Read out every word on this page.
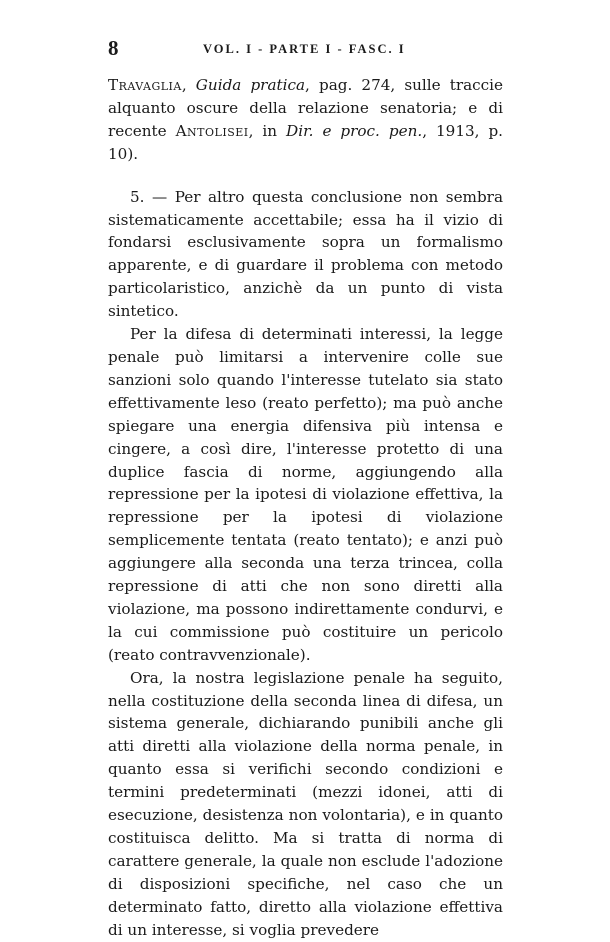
8	VOL. I - PARTE I - FASC. I

Travaglia, Guida pratica, pag. 274, sulle traccie alquanto oscure della relazione senatoria; e di recente Antolisei, in Dir. e proc. pen., 1913, p. 10).

5. — Per altro questa conclusione non sembra sistematicamente accettabile; essa ha il vizio di fondarsi esclusivamente sopra un formalismo apparente, e di guardare il problema con metodo particolaristico, anzichè da un punto di vista sintetico.

Per la difesa di determinati interessi, la legge penale può limitarsi a intervenire colle sue sanzioni solo quando l'interesse tutelato sia stato effettivamente leso (reato perfetto); ma può anche spiegare una energia difensiva più intensa e cingere, a così dire, l'interesse protetto di una duplice fascia di norme, aggiungendo alla repressione per la ipotesi di violazione effettiva, la repressione per la ipotesi di violazione semplicemente tentata (reato tentato); e anzi può aggiungere alla seconda una terza trincea, colla repressione di atti che non sono diretti alla violazione, ma possono indirettamente condurvi, e la cui commissione può costituire un pericolo (reato contravvenzionale).

Ora, la nostra legislazione penale ha seguito, nella costituzione della seconda linea di difesa, un sistema generale, dichiarando punibili anche gli atti diretti alla violazione della norma penale, in quanto essa si verifichi secondo condizioni e termini predeterminati (mezzi idonei, atti di esecuzione, desistenza non volontaria), e in quanto costituisca delitto. Ma si tratta di norma di carattere generale, la quale non esclude l'adozione di disposizioni specifiche, nel caso che un determinato fatto, diretto alla violazione effettiva di un interesse, si voglia prevedere
